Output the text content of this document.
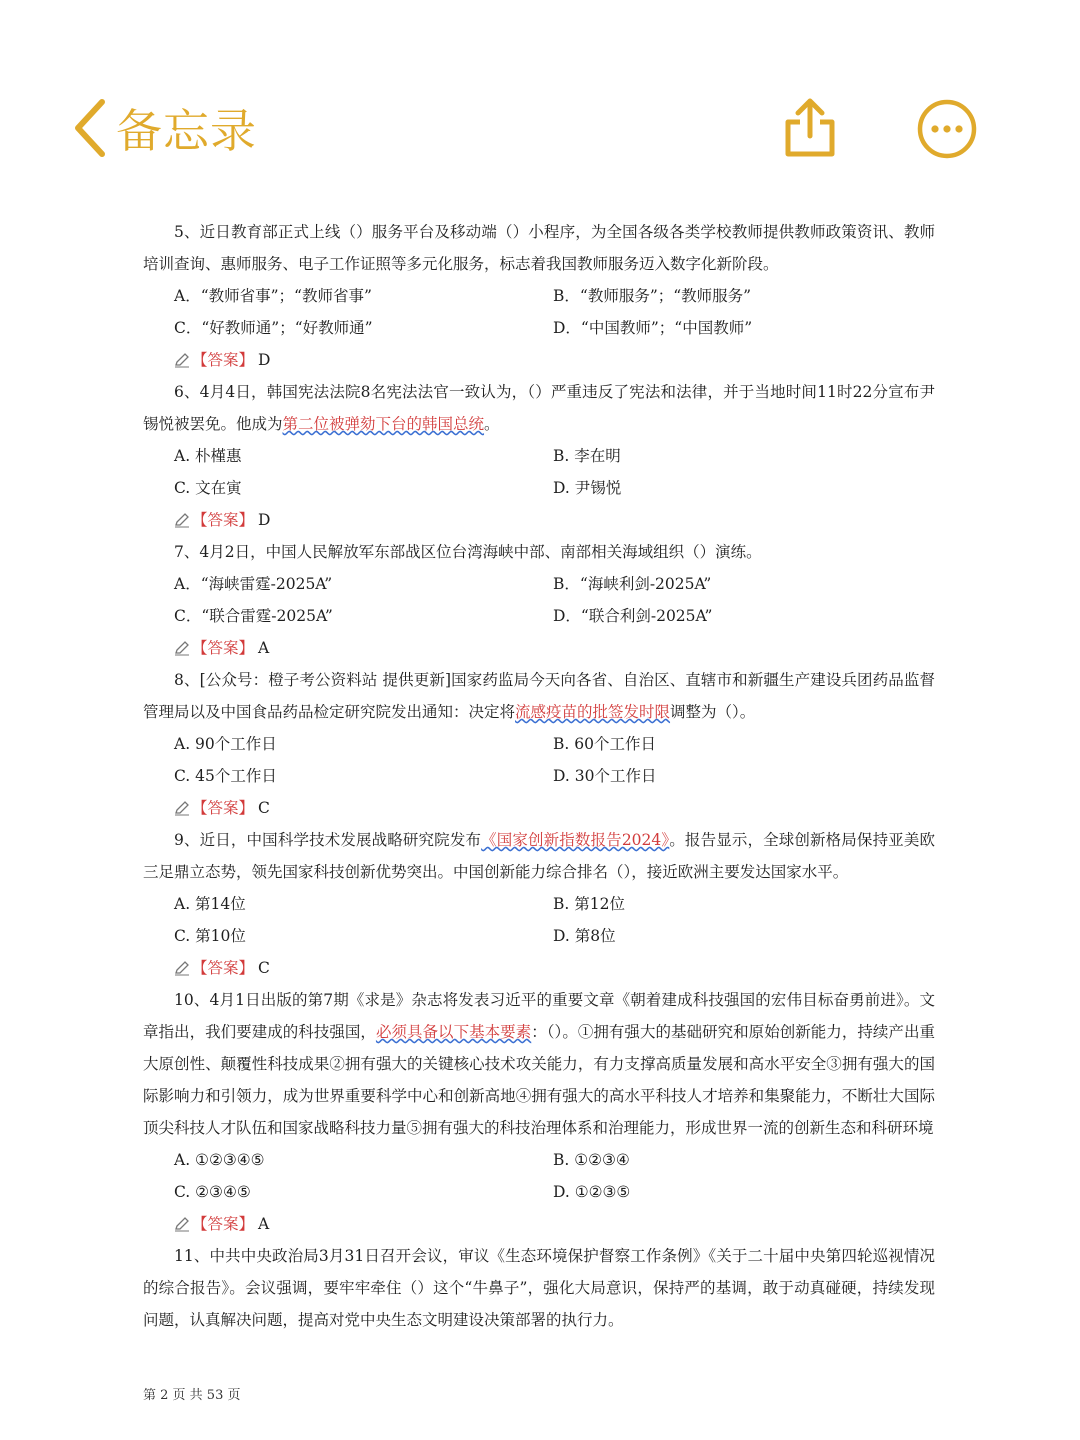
备忘录

5、近日教育部正式上线（）服务平台及移动端（）小程序，为全国各级各类学校教师提供教师政策资讯、教师培训查询、惠师服务、电子工作证照等多元化服务，标志着我国教师服务迈入数字化新阶段。

A．“教师省事”；“教师省事”	B．“教师服务”；“教师服务”
C．“好教师通”；“好教师通”	D．“中国教师”；“中国教师”
【答案】 D

6、4月4日，韩国宪法法院8名宪法法官一致认为，（）严重违反了宪法和法律，并于当地时间11时22分宣布尹锡悦被罢免。他成为第二位被弹劾下台的韩国总统。

A. 朴槿惠	B. 李在明
C. 文在寅	D. 尹锡悦
【答案】 D

7、4月2日，中国人民解放军东部战区位台湾海峡中部、南部相关海域组织（）演练。

A．“海峡雷霆-2025A”	B．“海峡利剑-2025A”
C．“联合雷霆-2025A”	D．“联合利剑-2025A”
【答案】 A

8、[公众号：橙子考公资料站 提供更新]国家药监局今天向各省、自治区、直辖市和新疆生产建设兵团药品监督管理局以及中国食品药品检定研究院发出通知：决定将流感疫苗的批签发时限调整为（）。

A. 90个工作日	B. 60个工作日
C. 45个工作日	D. 30个工作日
【答案】 C

9、近日，中国科学技术发展战略研究院发布《国家创新指数报告2024》。报告显示，全球创新格局保持亚美欧三足鼎立态势，领先国家科技创新优势突出。中国创新能力综合排名（），接近欧洲主要发达国家水平。

A. 第14位	B. 第12位
C. 第10位	D. 第8位
【答案】 C

10、4月1日出版的第7期《求是》杂志将发表习近平的重要文章《朝着建成科技强国的宏伟目标奋勇前进》。文章指出，我们要建成的科技强国，必须具备以下基本要素：（）。①拥有强大的基础研究和原始创新能力，持续产出重大原创性、颠覆性科技成果②拥有强大的关键核心技术攻关能力，有力支撑高质量发展和高水平安全③拥有强大的国际影响力和引领力，成为世界重要科学中心和创新高地④拥有强大的高水平科技人才培养和集聚能力，不断壮大国际顶尖科技人才队伍和国家战略科技力量⑤拥有强大的科技治理体系和治理能力，形成世界一流的创新生态和科研环境

A. ①②③④⑤	B. ①②③④
C. ②③④⑤	D. ①②③⑤
【答案】 A

11、中共中央政治局3月31日召开会议，审议《生态环境保护督察工作条例》《关于二十届中央第四轮巡视情况的综合报告》。会议强调，要牢牢牵住（）这个“牛鼻子”，强化大局意识，保持严的基调，敢于动真碰硬，持续发现问题，认真解决问题，提高对党中央生态文明建设决策部署的执行力。

第 2 页 共 53 页
